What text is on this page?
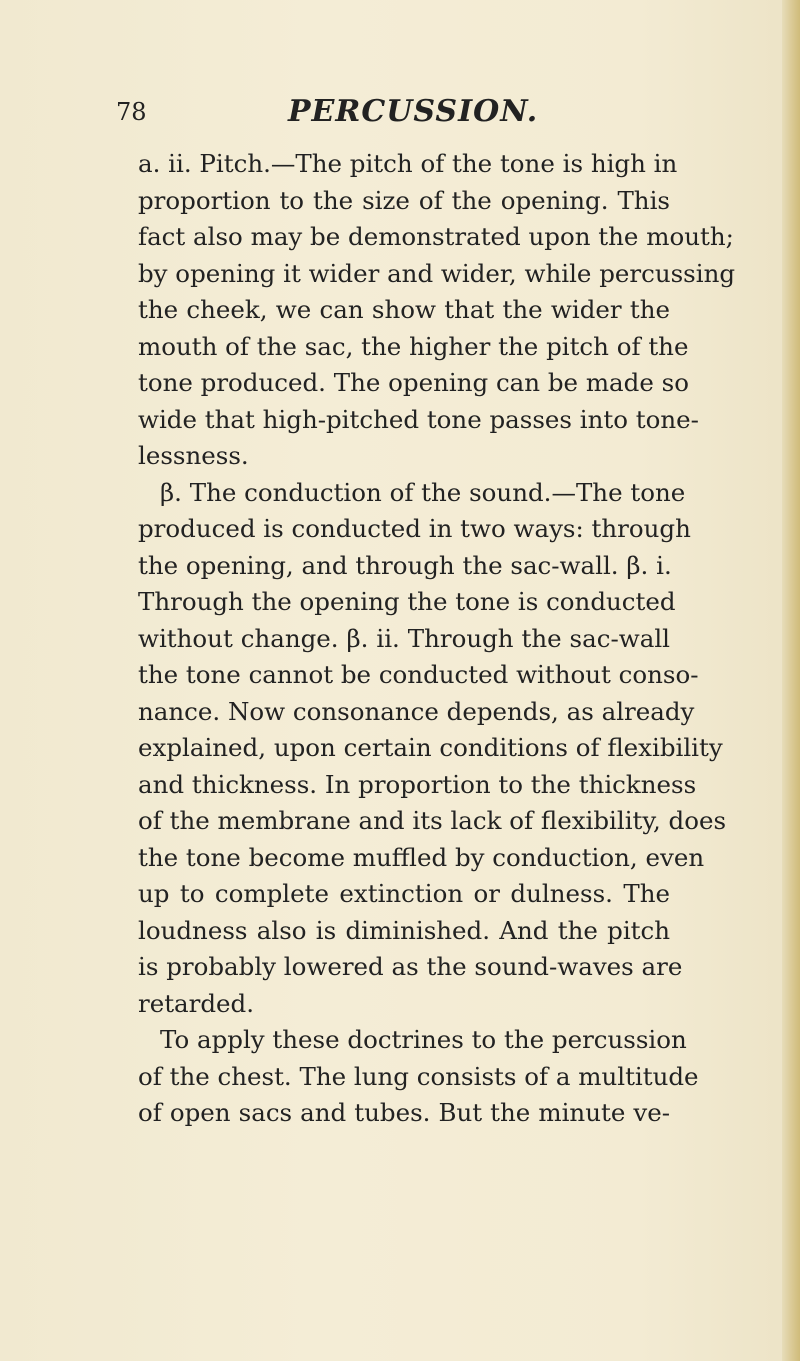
78	PERCUSSION.
a. ii. Pitch.—The pitch of the tone is high in
proportion to the size of the opening. This
fact also may be demonstrated upon the mouth;
by opening it wider and wider, while percussing
the cheek, we can show that the wider the
mouth of the sac, the higher the pitch of the
tone produced. The opening can be made so
wide that high-pitched tone passes into tone-
lessness.
β. The conduction of the sound.—The tone
produced is conducted in two ways: through
the opening, and through the sac-wall. β. i.
Through the opening the tone is conducted
without change. β. ii. Through the sac-wall
the tone cannot be conducted without conso-
nance. Now consonance depends, as already
explained, upon certain conditions of flexibility
and thickness. In proportion to the thickness
of the membrane and its lack of flexibility, does
the tone become muffled by conduction, even
up to complete extinction or dulness. The
loudness also is diminished. And the pitch
is probably lowered as the sound-waves are
retarded.
To apply these doctrines to the percussion
of the chest. The lung consists of a multitude
of open sacs and tubes. But the minute ve-
